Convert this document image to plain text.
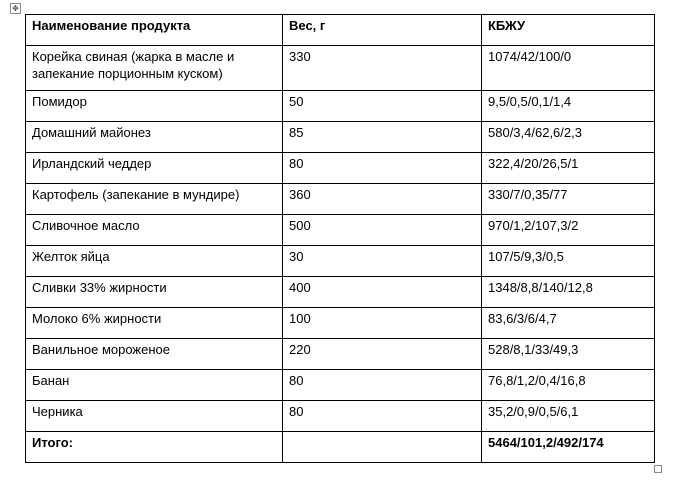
✥
Наименование продукта	Вес, г	КБЖУ
Корейка свиная (жарка в масле и запекание порционным куском)	330	1074/42/100/0
Помидор	50	9,5/0,5/0,1/1,4
Домашний майонез	85	580/3,4/62,6/2,3
Ирландский чеддер	80	322,4/20/26,5/1
Картофель (запекание в мундире)	360	330/7/0,35/77
Сливочное масло	500	970/1,2/107,3/2
Желток яйца	30	107/5/9,3/0,5
Сливки 33% жирности	400	1348/8,8/140/12,8
Молоко 6% жирности	100	83,6/3/6/4,7
Ванильное мороженое	220	528/8,1/33/49,3
Банан	80	76,8/1,2/0,4/16,8
Черника	80	35,2/0,9/0,5/6,1
Итого:		5464/101,2/492/174
